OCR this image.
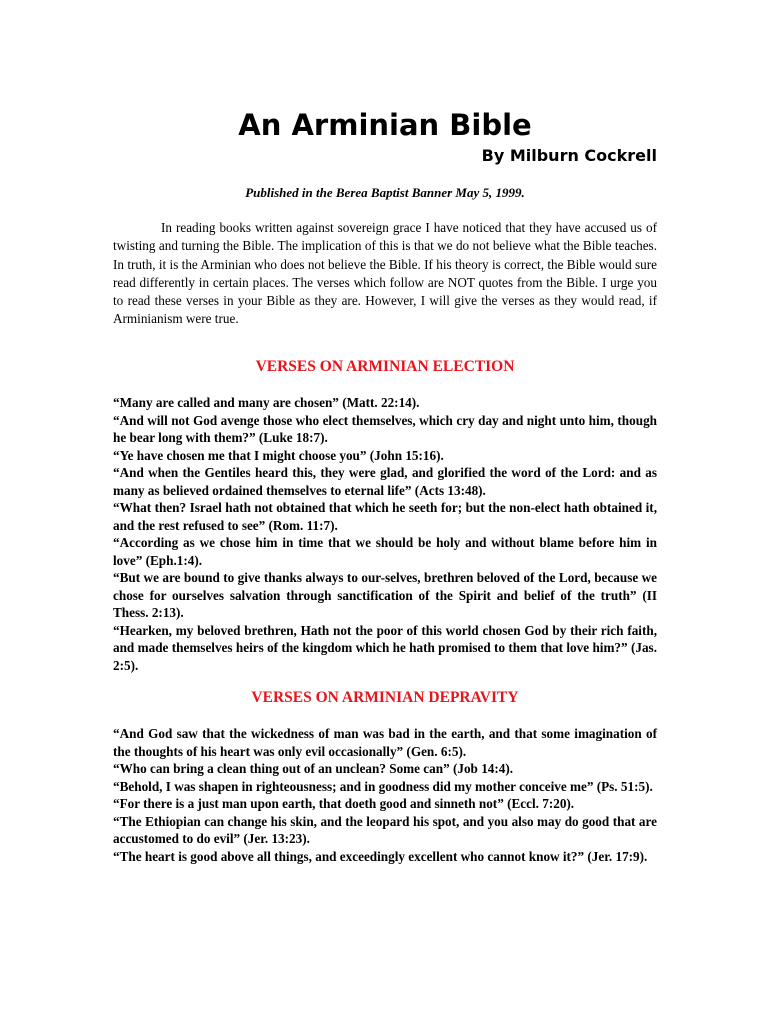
An Arminian Bible
By Milburn Cockrell
Published in the Berea Baptist Banner May 5, 1999.

In reading books written against sovereign grace I have noticed that they have accused us of twisting and turning the Bible. The implication of this is that we do not believe what the Bible teaches. In truth, it is the Arminian who does not believe the Bible. If his theory is correct, the Bible would sure read differently in certain places. The verses which follow are NOT quotes from the Bible. I urge you to read these verses in your Bible as they are. However, I will give the verses as they would read, if Arminianism were true.

VERSES ON ARMINIAN ELECTION
“Many are called and many are chosen” (Matt. 22:14).
“And will not God avenge those who elect themselves, which cry day and night unto him, though he bear long with them?” (Luke 18:7).
“Ye have chosen me that I might choose you” (John 15:16).
“And when the Gentiles heard this, they were glad, and glorified the word of the Lord: and as many as believed ordained themselves to eternal life” (Acts 13:48).
“What then? Israel hath not obtained that which he seeth for; but the non-elect hath obtained it, and the rest refused to see” (Rom. 11:7).
“According as we chose him in time that we should be holy and without blame before him in love” (Eph.1:4).
“But we are bound to give thanks always to our-selves, brethren beloved of the Lord, because we chose for ourselves salvation through sanctification of the Spirit and belief of the truth” (II Thess. 2:13).
“Hearken, my beloved brethren, Hath not the poor of this world chosen God by their rich faith, and made themselves heirs of the kingdom which he hath promised to them that love him?” (Jas. 2:5).
VERSES ON ARMINIAN DEPRAVITY
“And God saw that the wickedness of man was bad in the earth, and that some imagination of the thoughts of his heart was only evil occasionally” (Gen. 6:5).
“Who can bring a clean thing out of an unclean? Some can” (Job 14:4).
“Behold, I was shapen in righteousness; and in goodness did my mother conceive me” (Ps. 51:5).
“For there is a just man upon earth, that doeth good and sinneth not” (Eccl. 7:20).
“The Ethiopian can change his skin, and the leopard his spot, and you also may do good that are accustomed to do evil” (Jer. 13:23).
“The heart is good above all things, and exceedingly excellent who cannot know it?” (Jer. 17:9).
